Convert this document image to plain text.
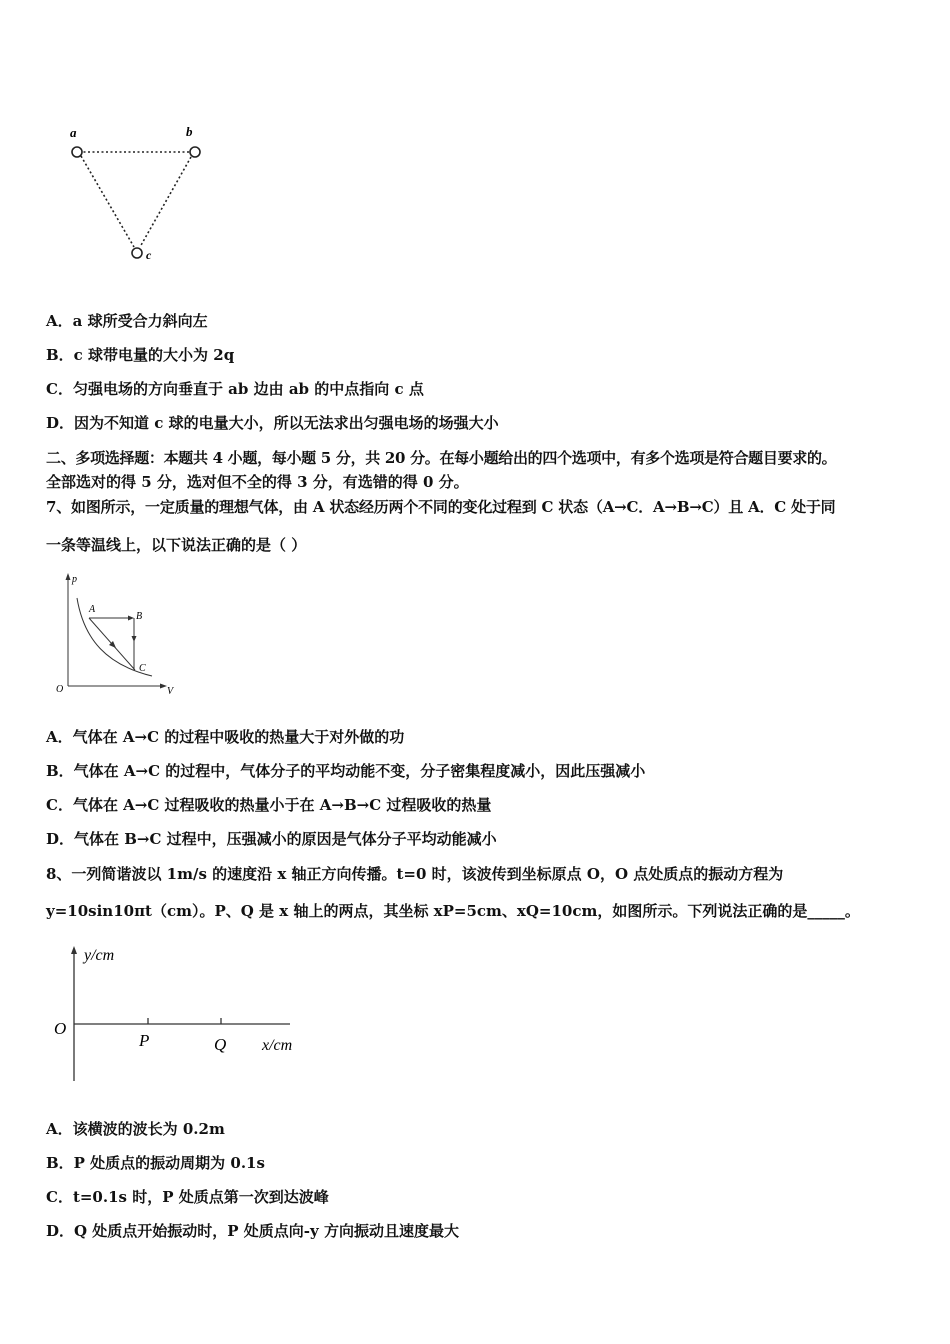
a	b
c
A．a 球所受合力斜向左
B．c 球带电量的大小为 2q
C．匀强电场的方向垂直于 ab 边由 ab 的中点指向 c 点
D．因为不知道 c 球的电量大小，所以无法求出匀强电场的场强大小
二、多项选择题：本题共 4 小题，每小题 5 分，共 20 分。在每小题给出的四个选项中，有多个选项是符合题目要求的。
全部选对的得 5 分，选对但不全的得 3 分，有选错的得 0 分。
7、如图所示，一定质量的理想气体，由 A 状态经历两个不同的变化过程到 C 状态（A→C．A→B→C）且 A．C 处于同
一条等温线上，以下说法正确的是（ ）
p
V
O
A
B
C
A．气体在 A→C 的过程中吸收的热量大于对外做的功
B．气体在 A→C 的过程中，气体分子的平均动能不变，分子密集程度减小，因此压强减小
C．气体在 A→C 过程吸收的热量小于在 A→B→C 过程吸收的热量
D．气体在 B→C 过程中，压强减小的原因是气体分子平均动能减小
8、一列简谐波以 1m/s 的速度沿 x 轴正方向传播。t=0 时，该波传到坐标原点 O，O 点处质点的振动方程为
y=10sin10πt（cm）。P、Q 是 x 轴上的两点，其坐标 xP=5cm、xQ=10cm，如图所示。下列说法正确的是_____。
y/cm
O
P	Q x/cm
A．该横波的波长为 0.2m
B．P 处质点的振动周期为 0.1s
C．t=0.1s 时，P 处质点第一次到达波峰
D．Q 处质点开始振动时，P 处质点向-y 方向振动且速度最大
